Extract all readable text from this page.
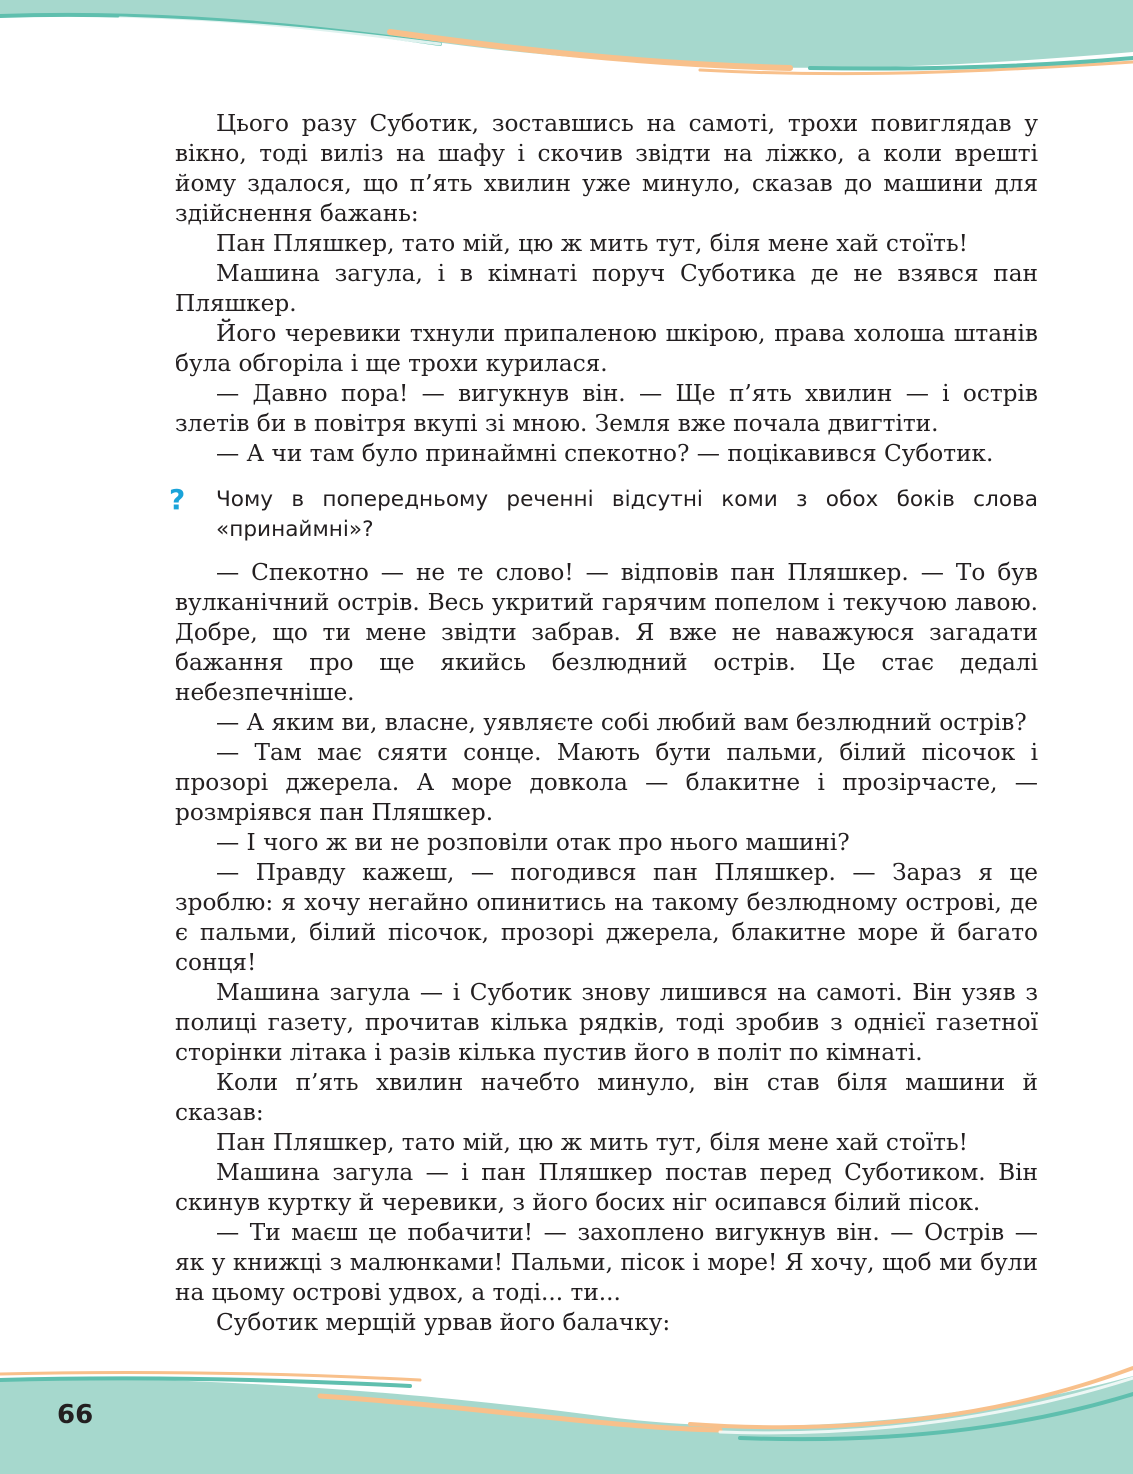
Цього разу Суботик, зоставшись на самоті, трохи повиглядав у вікно, тоді виліз на шафу і скочив звідти на ліжко, а коли врешті йому здалося, що п’ять хвилин уже минуло, сказав до машини для здійснення бажань:

Пан Пляшкер, тато мій, цю ж мить тут, біля мене хай стоїть!

Машина загула, і в кімнаті поруч Суботика де не взявся пан Пляшкер.

Його черевики тхнули припаленою шкірою, права холоша штанів була обгоріла і ще трохи курилася.

— Давно пора! — вигукнув він. — Ще п’ять хвилин — і острів злетів би в повітря вкупі зі мною. Земля вже почала двигтіти.

— А чи там було принаймні спекотно? — поцікавився Суботик.

?	Чому в попередньому реченні відсутні коми з обох боків слова «принаймні»?

— Спекотно — не те слово! — відповів пан Пляшкер. — То був вулканічний острів. Весь укритий гарячим попелом і текучою лавою. Добре, що ти мене звідти забрав. Я вже не наважуюся загадати бажання про ще якийсь безлюдний острів. Це стає дедалі небезпечніше.

— А яким ви, власне, уявляєте собі любий вам безлюдний острів?

— Там має сяяти сонце. Мають бути пальми, білий пісочок і прозорі джерела. А море довкола — блакитне і прозірчасте, — розмріявся пан Пляшкер.

— І чого ж ви не розповіли отак про нього машині?

— Правду кажеш, — погодився пан Пляшкер. — Зараз я це зроблю: я хочу негайно опинитись на такому безлюдному острові, де є пальми, білий пісочок, прозорі джерела, блакитне море й багато сонця!

Машина загула — і Суботик знову лишився на самоті. Він узяв з полиці газету, прочитав кілька рядків, тоді зробив з однієї газетної сторінки літака і разів кілька пустив його в політ по кімнаті.

Коли п’ять хвилин начебто минуло, він став біля машини й сказав:

Пан Пляшкер, тато мій, цю ж мить тут, біля мене хай стоїть!

Машина загула — і пан Пляшкер постав перед Суботиком. Він скинув куртку й черевики, з його босих ніг осипався білий пісок.

— Ти маєш це побачити! — захоплено вигукнув він. — Острів — як у книжці з малюнками! Пальми, пісок і море! Я хочу, щоб ми були на цьому острові удвох, а тоді... ти...

Суботик мерщій урвав його балачку:

66
